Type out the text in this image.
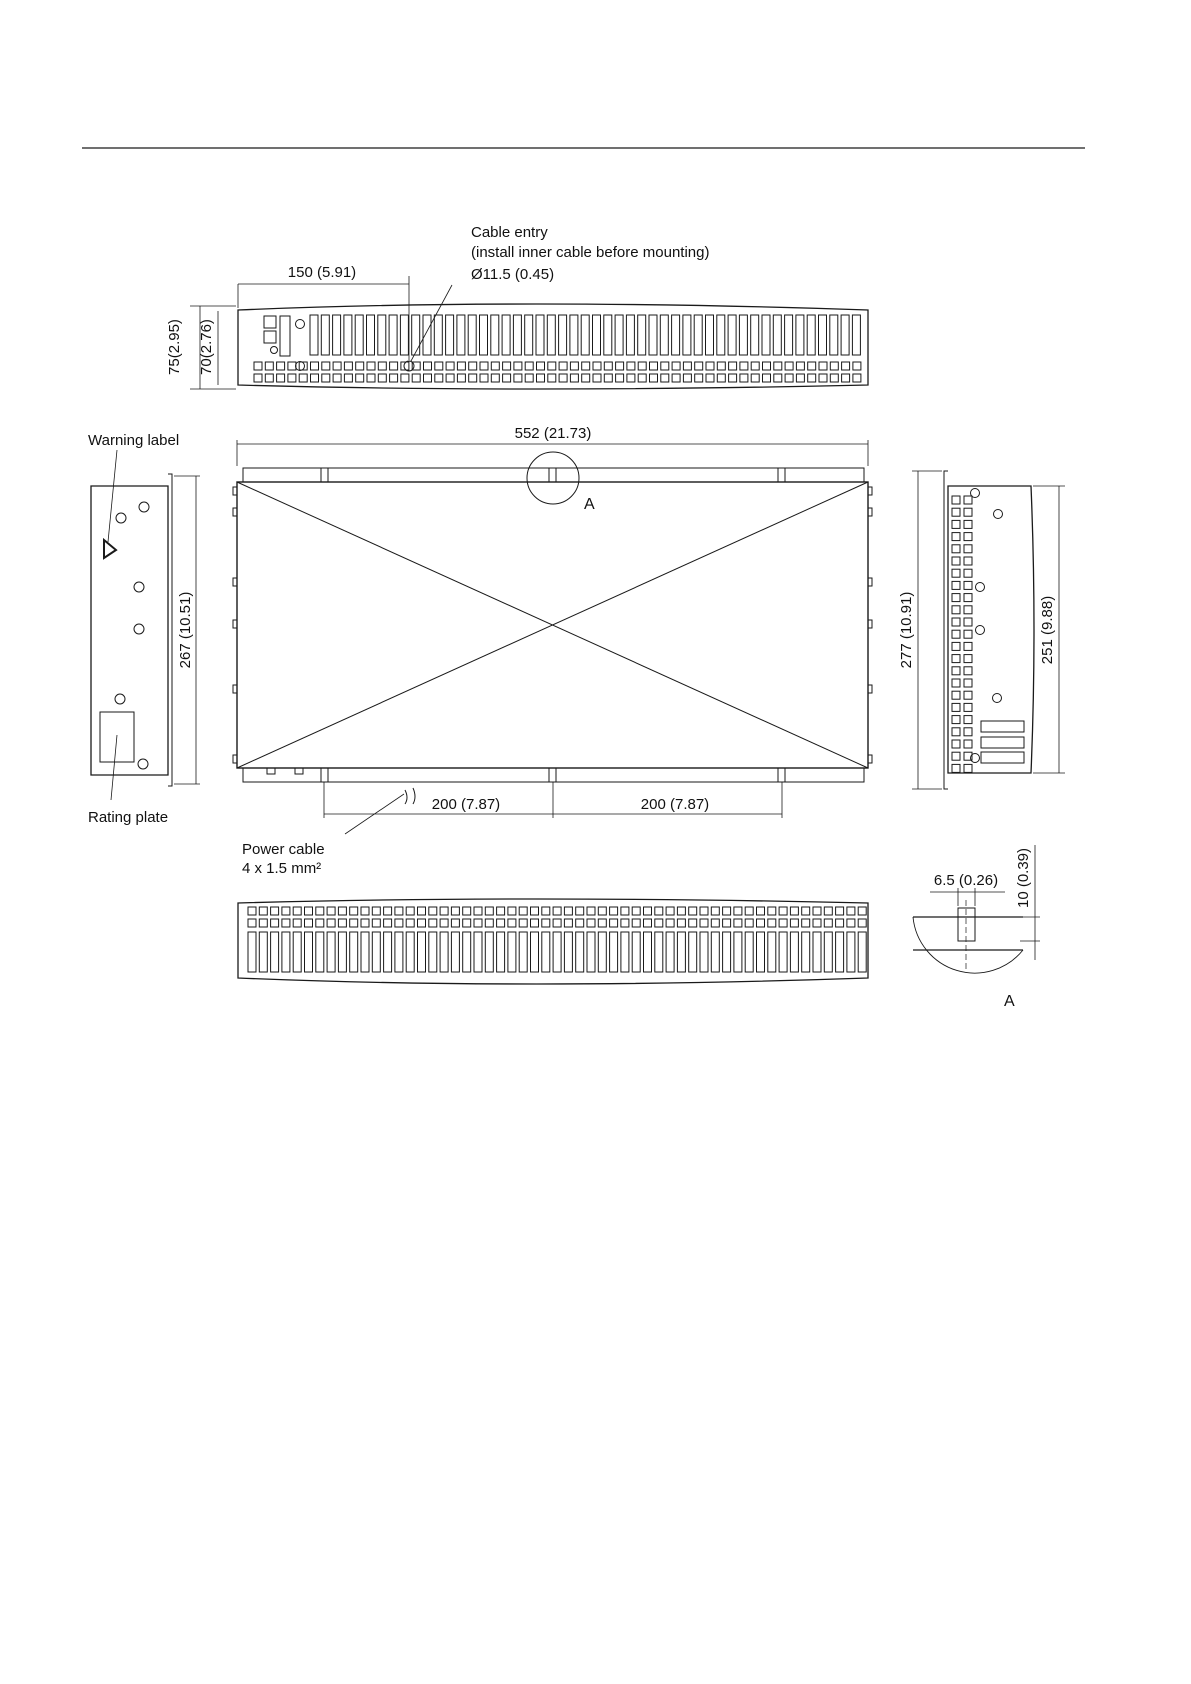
Cable entry
(install inner cable before mounting)
Ø11.5 (0.45)
150 (5.91)
75(2.95) 70(2.76)
552 (21.73)
A
200 (7.87)	200 (7.87)
Power cable
4 x 1.5 mm²
Warning label
Rating plate
267 (10.51)	277 (10.91)	251 (9.88)
6.5 (0.26) 10 (0.39)
A
